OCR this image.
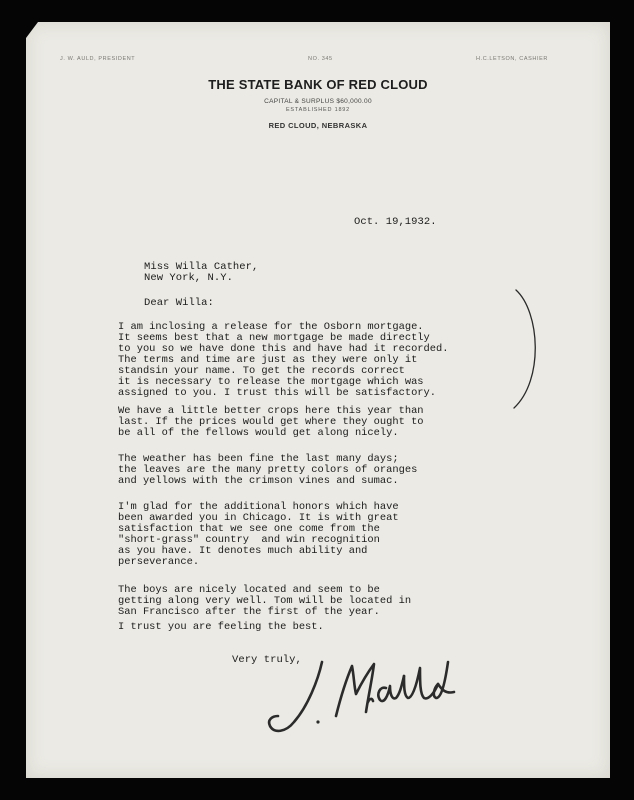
J. W. AULD, PRESIDENT	NO. 345	H.C.LETSON, CASHIER
THE STATE BANK OF RED CLOUD
CAPITAL & SURPLUS $60,000.00
ESTABLISHED 1892
RED CLOUD, NEBRASKA
Oct. 19,1932.
Miss Willa Cather,
New York, N.Y.
Dear Willa:
I am inclosing a release for the Osborn mortgage.
It seems best that a new mortgage be made directly
to you so we have done this and have had it recorded.
The terms and time are just as they were only it
standsin your name. To get the records correct
it is necessary to release the mortgage which was
assigned to you. I trust this will be satisfactory.
We have a little better crops here this year than
last. If the prices would get where they ought to
be all of the fellows would get along nicely.
The weather has been fine the last many days;
the leaves are the many pretty colors of oranges
and yellows with the crimson vines and sumac.
I'm glad for the additional honors which have
been awarded you in Chicago. It is with great
satisfaction that we see one come from the
"short-grass" country  and win recognition
as you have. It denotes much ability and
perseverance.
The boys are nicely located and seem to be
getting along very well. Tom will be located in
San Francisco after the first of the year.
I trust you are feeling the best.
Very truly,
